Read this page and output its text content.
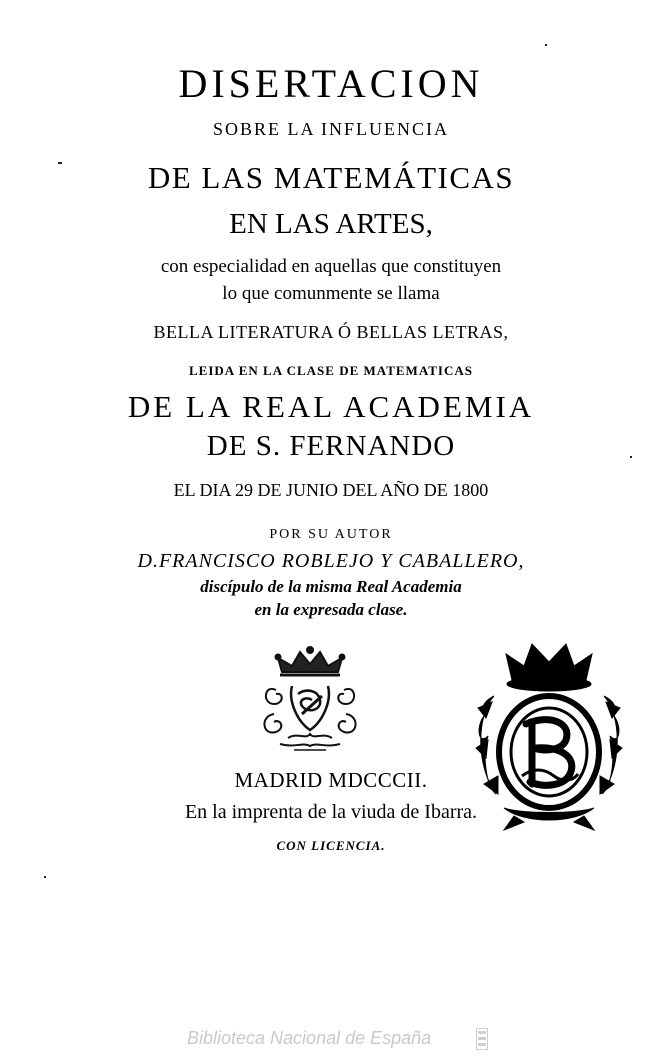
DISERTACION
SOBRE LA INFLUENCIA
DE LAS MATEMÁTICAS
EN LAS ARTES,
con especialidad en aquellas que constituyen
lo que comunmente se llama
BELLA LITERATURA Ó BELLAS LETRAS,
LEIDA EN LA CLASE DE MATEMATICAS
DE LA REAL ACADEMIA
DE S. FERNANDO
EL DIA 29 DE JUNIO DEL AÑO DE 1800
POR SU AUTOR
D.FRANCISCO ROBLEJO Y CABALLERO,
discípulo de la misma Real Academia
en la expresada clase.
MADRID MDCCCII.
En la imprenta de la viuda de Ibarra.
CON LICENCIA.
Biblioteca Nacional de España
